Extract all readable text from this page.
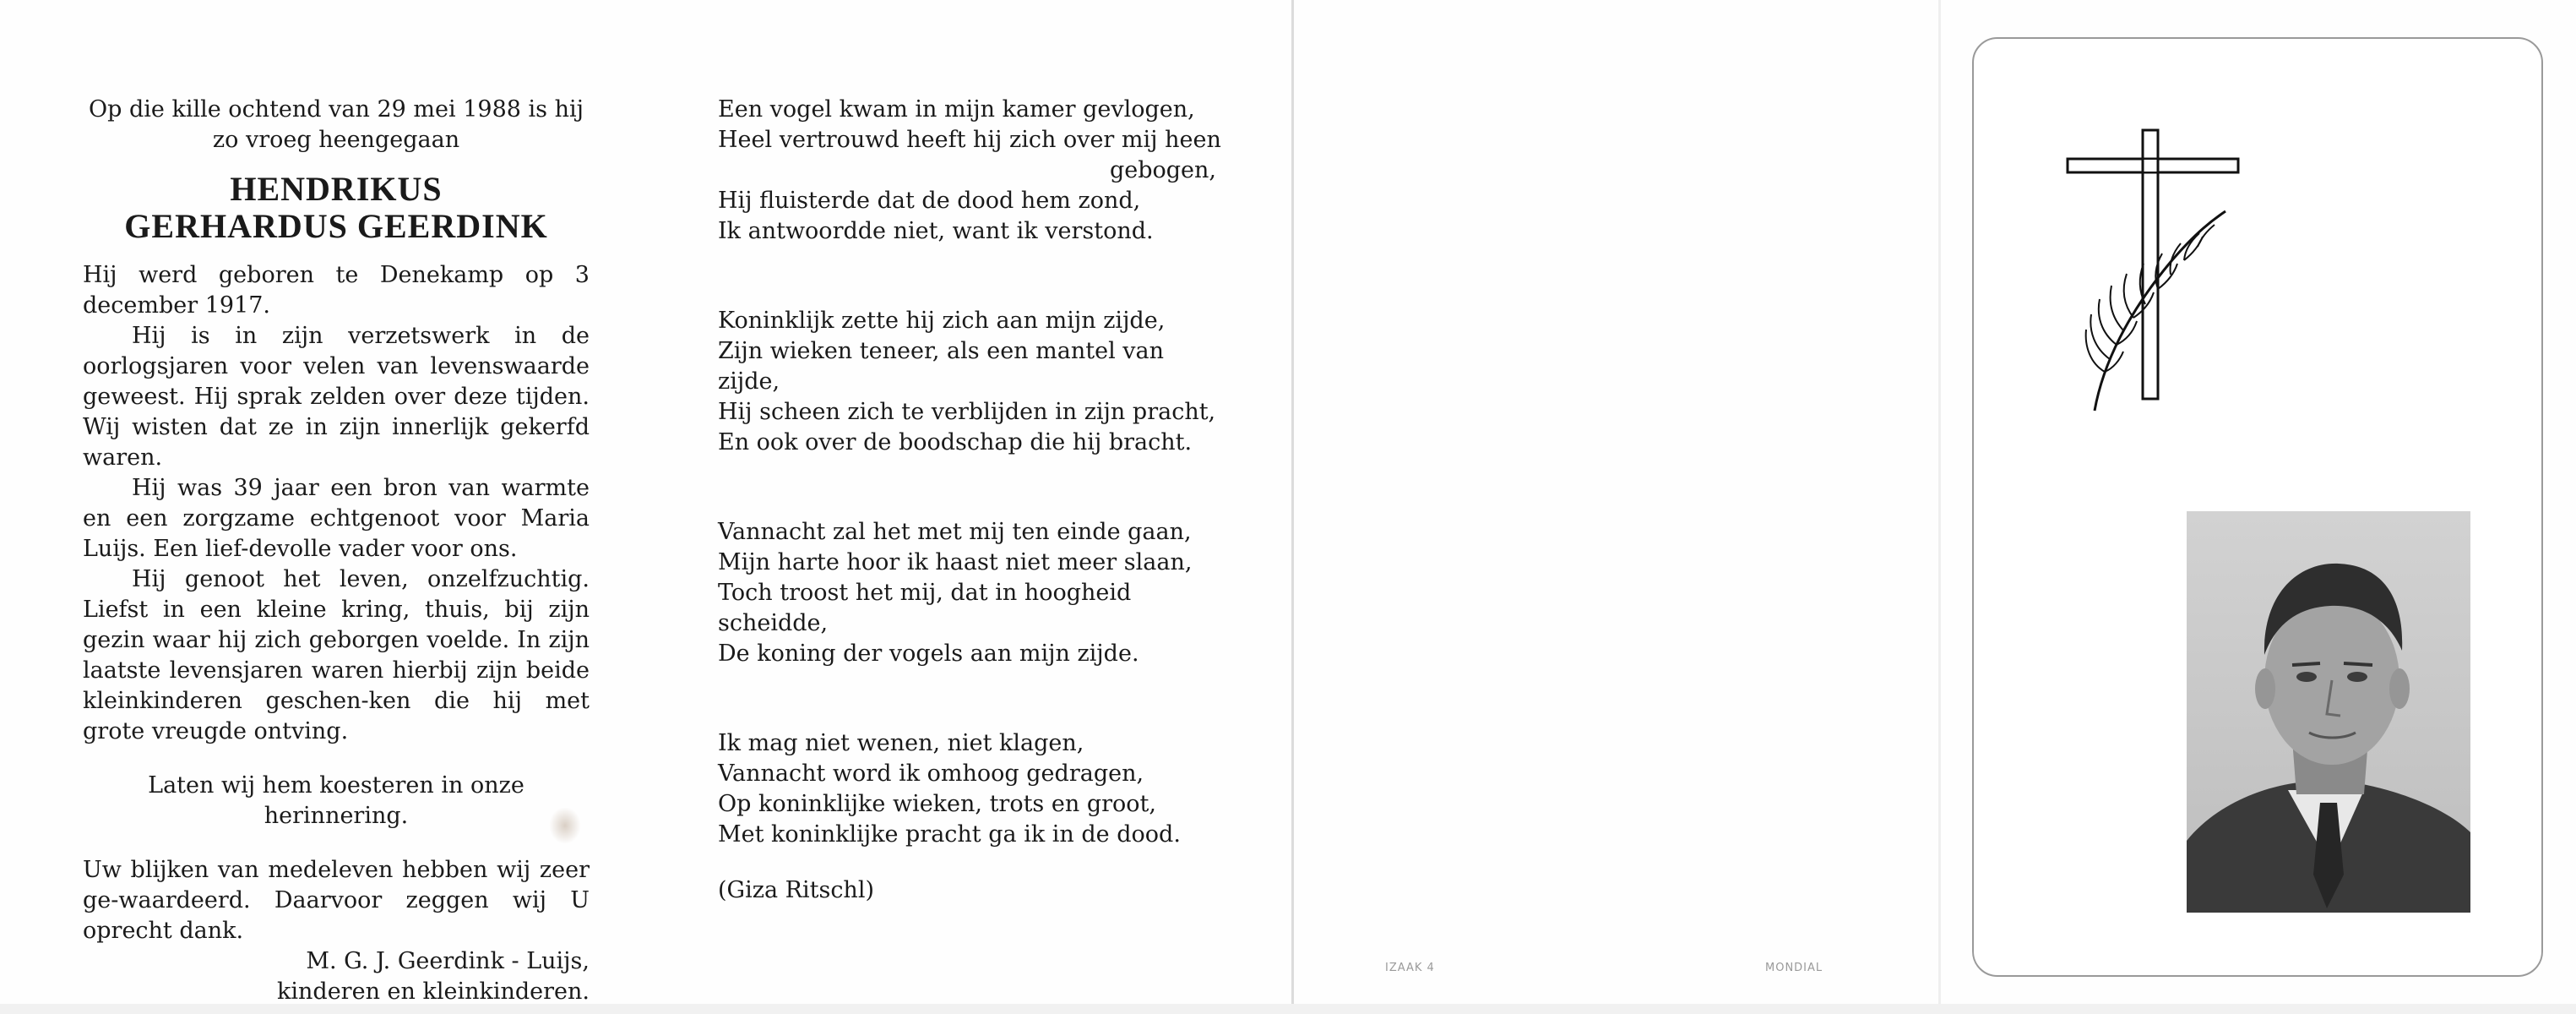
Op die kille ochtend van 29 mei 1988 is hij zo vroeg heengegaan
HENDRIKUS
GERHARDUS GEERDINK

Hij werd geboren te Denekamp op 3 december 1917.

Hij is in zijn verzetswerk in de oorlogsjaren voor velen van levenswaarde geweest. Hij sprak zelden over deze tijden. Wij wisten dat ze in zijn innerlijk gekerfd waren.

Hij was 39 jaar een bron van warmte en een zorgzame echtgenoot voor Maria Luijs. Een lief-devolle vader voor ons.

Hij genoot het leven, onzelfzuchtig. Liefst in een kleine kring, thuis, bij zijn gezin waar hij zich geborgen voelde. In zijn laatste levensjaren waren hierbij zijn beide kleinkinderen geschen-ken die hij met grote vreugde ontving.

Laten wij hem koesteren in onze herinnering.
Uw blijken van medeleven hebben wij zeer ge-waardeerd. Daarvoor zeggen wij U oprecht dank.
M. G. J. Geerdink - Luijs,
kinderen en kleinkinderen.
Een vogel kwam in mijn kamer gevlogen,
Heel vertrouwd heeft hij zich over mij heen
gebogen,
Hij fluisterde dat de dood hem zond,
Ik antwoordde niet, want ik verstond.
Koninklijk zette hij zich aan mijn zijde,
Zijn wieken teneer, als een mantel van zijde,
Hij scheen zich te verblijden in zijn pracht,
En ook over de boodschap die hij bracht.
Vannacht zal het met mij ten einde gaan,
Mijn harte hoor ik haast niet meer slaan,
Toch troost het mij, dat in hoogheid scheidde,
De koning der vogels aan mijn zijde.
Ik mag niet wenen, niet klagen,
Vannacht word ik omhoog gedragen,
Op koninklijke wieken, trots en groot,
Met koninklijke pracht ga ik in de dood.
(Giza Ritschl)
IZAAK 4	MONDIAL
